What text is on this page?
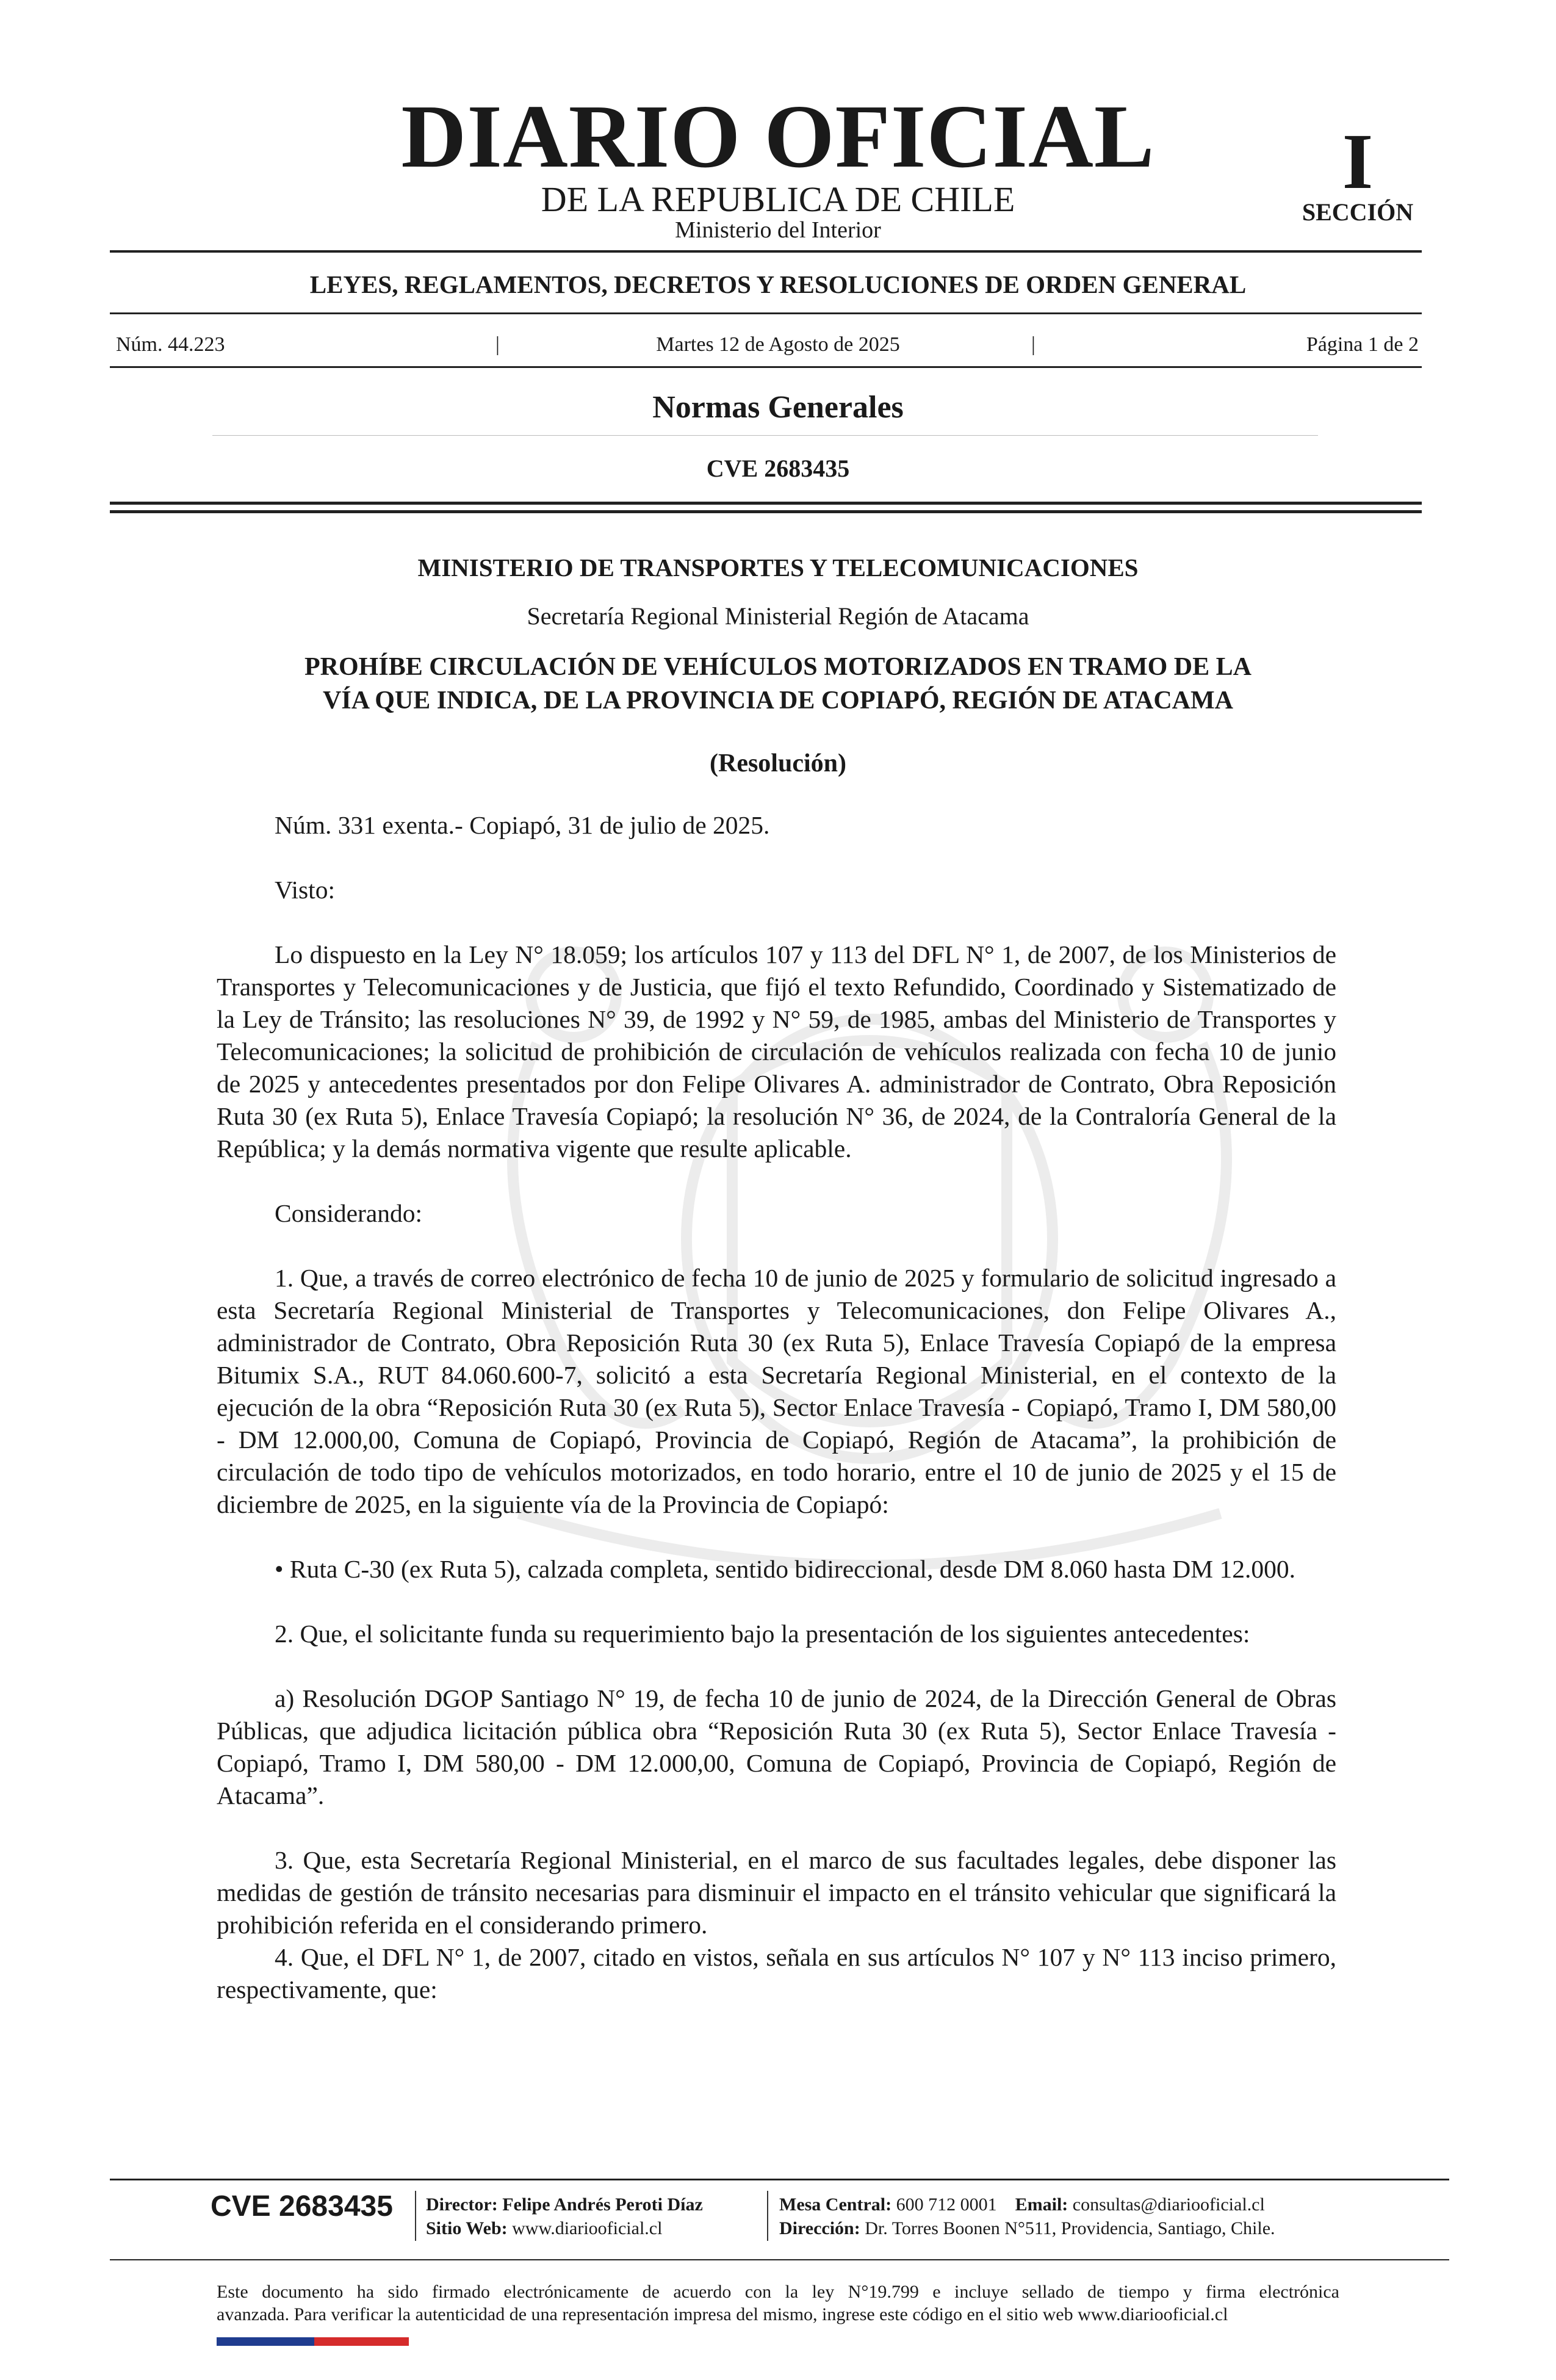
DIARIO OFICIAL
DE LA REPUBLICA DE CHILE
Ministerio del Interior
I
SECCIÓN
LEYES, REGLAMENTOS, DECRETOS Y RESOLUCIONES DE ORDEN GENERAL
Núm. 44.223	|	Martes 12 de Agosto de 2025	|	Página 1 de 2
Normas Generales
CVE 2683435
MINISTERIO DE TRANSPORTES Y TELECOMUNICACIONES
Secretaría Regional Ministerial Región de Atacama
PROHÍBE CIRCULACIÓN DE VEHÍCULOS MOTORIZADOS EN TRAMO DE LA
VÍA QUE INDICA, DE LA PROVINCIA DE COPIAPÓ, REGIÓN DE ATACAMA
(Resolución)

Núm. 331 exenta.- Copiapó, 31 de julio de 2025.

Visto:

Lo dispuesto en la Ley N° 18.059; los artículos 107 y 113 del DFL N° 1, de 2007, de los Ministerios de Transportes y Telecomunicaciones y de Justicia, que fijó el texto Refundido, Coordinado y Sistematizado de la Ley de Tránsito; las resoluciones N° 39, de 1992 y N° 59, de 1985, ambas del Ministerio de Transportes y Telecomunicaciones; la solicitud de prohibición de circulación de vehículos realizada con fecha 10 de junio de 2025 y antecedentes presentados por don Felipe Olivares A. administrador de Contrato, Obra Reposición Ruta 30 (ex Ruta 5), Enlace Travesía Copiapó; la resolución N° 36, de 2024, de la Contraloría General de la República; y la demás normativa vigente que resulte aplicable.

Considerando:

1. Que, a través de correo electrónico de fecha 10 de junio de 2025 y formulario de solicitud ingresado a esta Secretaría Regional Ministerial de Transportes y Telecomunicaciones, don Felipe Olivares A., administrador de Contrato, Obra Reposición Ruta 30 (ex Ruta 5), Enlace Travesía Copiapó de la empresa Bitumix S.A., RUT 84.060.600-7, solicitó a esta Secretaría Regional Ministerial, en el contexto de la ejecución de la obra “Reposición Ruta 30 (ex Ruta 5), Sector Enlace Travesía - Copiapó, Tramo I, DM 580,00 - DM 12.000,00, Comuna de Copiapó, Provincia de Copiapó, Región de Atacama”, la prohibición de circulación de todo tipo de vehículos motorizados, en todo horario, entre el 10 de junio de 2025 y el 15 de diciembre de 2025, en la siguiente vía de la Provincia de Copiapó:

• Ruta C-30 (ex Ruta 5), calzada completa, sentido bidireccional, desde DM 8.060 hasta DM 12.000.

2. Que, el solicitante funda su requerimiento bajo la presentación de los siguientes antecedentes:

a) Resolución DGOP Santiago N° 19, de fecha 10 de junio de 2024, de la Dirección General de Obras Públicas, que adjudica licitación pública obra “Reposición Ruta 30 (ex Ruta 5), Sector Enlace Travesía - Copiapó, Tramo I, DM 580,00 - DM 12.000,00, Comuna de Copiapó, Provincia de Copiapó, Región de Atacama”.

3. Que, esta Secretaría Regional Ministerial, en el marco de sus facultades legales, debe disponer las medidas de gestión de tránsito necesarias para disminuir el impacto en el tránsito vehicular que significará la prohibición referida en el considerando primero.

4. Que, el DFL N° 1, de 2007, citado en vistos, señala en sus artículos N° 107 y N° 113 inciso primero, respectivamente, que:

CVE 2683435 Director: Felipe Andrés Peroti Díaz
Sitio Web: www.diariooficial.cl
Mesa Central: 600 712 0001 Email: consultas@diariooficial.cl
Dirección: Dr. Torres Boonen N°511, Providencia, Santiago, Chile.
Este documento ha sido firmado electrónicamente de acuerdo con la ley N°19.799 e incluye sellado de tiempo y firma electrónica
avanzada. Para verificar la autenticidad de una representación impresa del mismo, ingrese este código en el sitio web www.diariooficial.cl
